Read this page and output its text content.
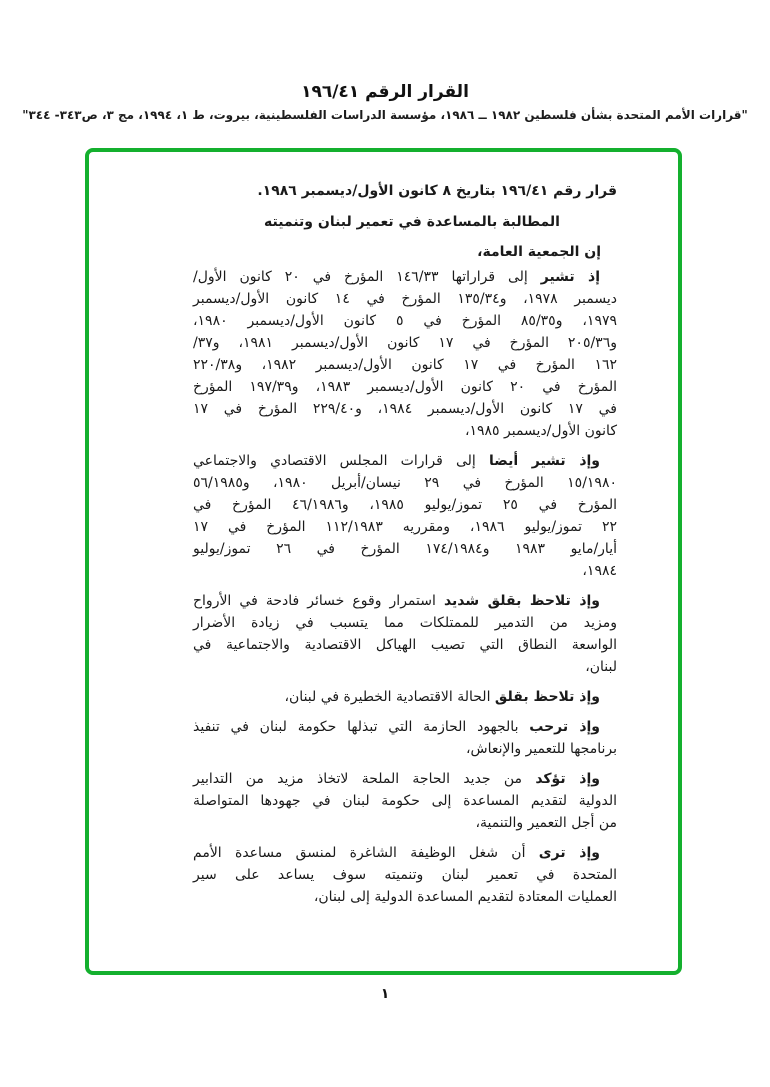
القرار الرقم ١٩٦/٤١
"قرارات الأمم المتحدة بشأن فلسطين ١٩٨٢ ــ ١٩٨٦، مؤسسة الدراسات الفلسطينية، بيروت، ط ١، ١٩٩٤، مج ٣، ص٣٤٣- ٣٤٤"
قرار رقم ١٩٦/٤١ بتاريخ ٨ كانون الأول/ديسمبر ١٩٨٦.
المطالبة بالمساعدة في تعمير لبنان وتنميته
إن الجمعية العامة،
إذ تشير إلى قراراتها ١٤٦/٣٣ المؤرخ في ٢٠ كانون الأول/
ديسمبر ١٩٧٨، و١٣٥/٣٤ المؤرخ في ١٤ كانون الأول/ديسمبر
١٩٧٩، و٨٥/٣٥ المؤرخ في ٥ كانون الأول/ديسمبر ١٩٨٠،
و٢٠٥/٣٦ المؤرخ في ١٧ كانون الأول/ديسمبر ١٩٨١، و٣٧/
١٦٢ المؤرخ في ١٧ كانون الأول/ديسمبر ١٩٨٢، و٢٢٠/٣٨
المؤرخ في ٢٠ كانون الأول/ديسمبر ١٩٨٣، و١٩٧/٣٩ المؤرخ
في ١٧ كانون الأول/ديسمبر ١٩٨٤، و٢٢٩/٤٠ المؤرخ في ١٧
كانون الأول/ديسمبر ١٩٨٥،
وإذ تشير أيضا إلى قرارات المجلس الاقتصادي والاجتماعي
١٥/١٩٨٠ المؤرخ في ٢٩ نيسان/أبريل ١٩٨٠، و٥٦/١٩٨٥
المؤرخ في ٢٥ تموز/يوليو ١٩٨٥، و٤٦/١٩٨٦ المؤرخ في
٢٢ تموز/يوليو ١٩٨٦، ومقرريه ١١٢/١٩٨٣ المؤرخ في ١٧
أيار/مايو ١٩٨٣ و١٧٤/١٩٨٤ المؤرخ في ٢٦ تموز/يوليو
١٩٨٤،
وإذ تلاحظ بقلق شديد استمرار وقوع خسائر فادحة في الأرواح
ومزيد من التدمير للممتلكات مما يتسبب في زيادة الأضرار
الواسعة النطاق التي تصيب الهياكل الاقتصادية والاجتماعية في
لبنان،
وإذ تلاحظ بقلق الحالة الاقتصادية الخطيرة في لبنان،
وإذ ترحب بالجهود الحازمة التي تبذلها حكومة لبنان في تنفيذ
برنامجها للتعمير والإنعاش،
وإذ تؤكد من جديد الحاجة الملحة لاتخاذ مزيد من التدابير
الدولية لتقديم المساعدة إلى حكومة لبنان في جهودها المتواصلة
من أجل التعمير والتنمية،
وإذ ترى أن شغل الوظيفة الشاغرة لمنسق مساعدة الأمم
المتحدة في تعمير لبنان وتنميته سوف يساعد على سير
العمليات المعتادة لتقديم المساعدة الدولية إلى لبنان،
١
